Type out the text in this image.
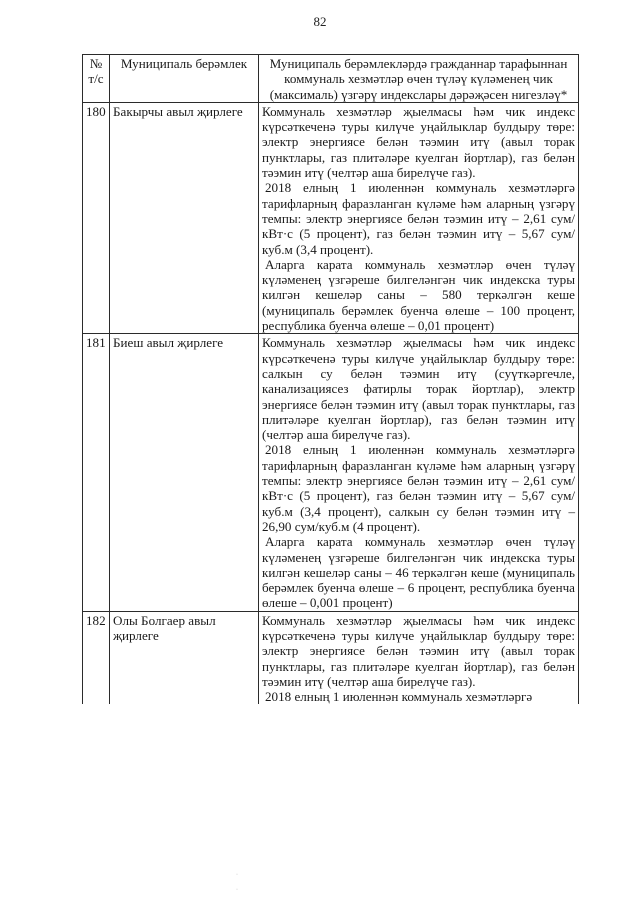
82
№ т/с	Муниципаль берәмлек	Муниципаль берәмлекләрдә гражданнар тарафыннан коммуналь хезмәтләр өчен түләү күләменең чик (максималь) үзгәрү индекслары дәрәҗәсен нигезләү*
180	Бакырчы авыл җирлеге	Коммуналь хезмәтләр җыелмасы һәм чик индекс күрсәткеченә туры килүче уңайлыклар булдыру төре: электр энергиясе белән тәэмин итү (авыл торак пунктлары, газ плитәләре куелган йортлар), газ белән тәэмин итү (челтәр аша бирелүче газ).

2018 елның 1 июленнән коммуналь хезмәтләргә тарифларның фаразланган күләме һәм аларның үзгәрү темпы: электр энергиясе белән тәэмин итү – 2,61 сум/кВт·с (5 процент), газ белән тәэмин итү – 5,67 сум/куб.м (3,4 процент).

Аларга карата коммуналь хезмәтләр өчен түләү күләменең үзгәреше билгеләнгән чик индекска туры килгән кешеләр саны – 580 теркәлгән кеше (муниципаль берәмлек буенча өлеше – 100 процент, республика буенча өлеше – 0,01 процент)

181	Биеш авыл җирлеге	Коммуналь хезмәтләр җыелмасы һәм чик индекс күрсәткеченә туры килүче уңайлыклар булдыру төре: салкын су белән тәэмин итү (суүткәргечле, канализациясез фатирлы торак йортлар), электр энергиясе белән тәэмин итү (авыл торак пунктлары, газ плитәләре куелган йортлар), газ белән тәэмин итү (челтәр аша бирелүче газ).

2018 елның 1 июленнән коммуналь хезмәтләргә тарифларның фаразланган күләме һәм аларның үзгәрү темпы: электр энергиясе белән тәэмин итү – 2,61 сум/кВт·с (5 процент), газ белән тәэмин итү – 5,67 сум/куб.м (3,4 процент), салкын су белән тәэмин итү – 26,90 сум/куб.м (4 процент).

Аларга карата коммуналь хезмәтләр өчен түләү күләменең үзгәреше билгеләнгән чик индекска туры килгән кешеләр саны – 46 теркәлгән кеше (муниципаль берәмлек буенча өлеше – 6 процент, республика буенча өлеше – 0,001 процент)

182	Олы Болгаер авыл җирлеге	Коммуналь хезмәтләр җыелмасы һәм чик индекс күрсәткеченә туры килүче уңайлыклар булдыру төре: электр энергиясе белән тәэмин итү (авыл торак пунктлары, газ плитәләре куелган йортлар), газ белән тәэмин итү (челтәр аша бирелүче газ).

2018 елның 1 июленнән коммуналь хезмәтләргә

·
·
